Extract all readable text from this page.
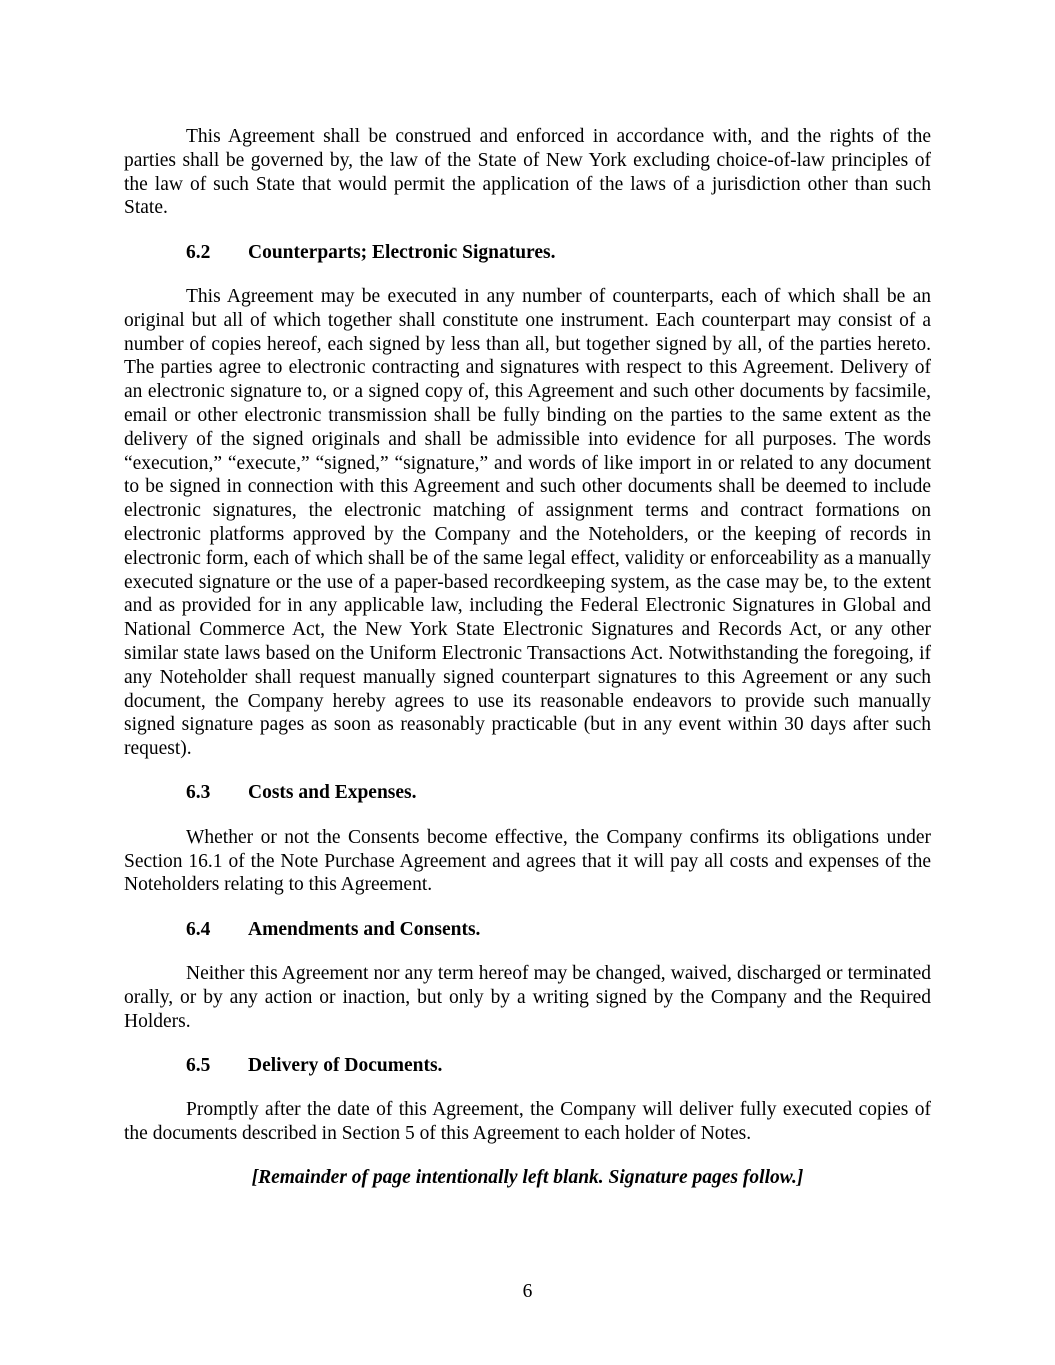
This Agreement shall be construed and enforced in accordance with, and the rights of the parties shall be governed by, the law of the State of New York excluding choice-of-law principles of the law of such State that would permit the application of the laws of a jurisdiction other than such State.

6.2	Counterparts; Electronic Signatures.

This Agreement may be executed in any number of counterparts, each of which shall be an original but all of which together shall constitute one instrument. Each counterpart may consist of a number of copies hereof, each signed by less than all, but together signed by all, of the parties hereto. The parties agree to electronic contracting and signatures with respect to this Agreement. Delivery of an electronic signature to, or a signed copy of, this Agreement and such other documents by facsimile, email or other electronic transmission shall be fully binding on the parties to the same extent as the delivery of the signed originals and shall be admissible into evidence for all purposes. The words “execution,” “execute,” “signed,” “signature,” and words of like import in or related to any document to be signed in connection with this Agreement and such other documents shall be deemed to include electronic signatures, the electronic matching of assignment terms and contract formations on electronic platforms approved by the Company and the Noteholders, or the keeping of records in electronic form, each of which shall be of the same legal effect, validity or enforceability as a manually executed signature or the use of a paper-based recordkeeping system, as the case may be, to the extent and as provided for in any applicable law, including the Federal Electronic Signatures in Global and National Commerce Act, the New York State Electronic Signatures and Records Act, or any other similar state laws based on the Uniform Electronic Transactions Act. Notwithstanding the foregoing, if any Noteholder shall request manually signed counterpart signatures to this Agreement or any such document, the Company hereby agrees to use its reasonable endeavors to provide such manually signed signature pages as soon as reasonably practicable (but in any event within 30 days after such request).

6.3	Costs and Expenses.

Whether or not the Consents become effective, the Company confirms its obligations under Section 16.1 of the Note Purchase Agreement and agrees that it will pay all costs and expenses of the Noteholders relating to this Agreement.

6.4	Amendments and Consents.

Neither this Agreement nor any term hereof may be changed, waived, discharged or terminated orally, or by any action or inaction, but only by a writing signed by the Company and the Required Holders.

6.5	Delivery of Documents.

Promptly after the date of this Agreement, the Company will deliver fully executed copies of the documents described in Section 5 of this Agreement to each holder of Notes.

[Remainder of page intentionally left blank. Signature pages follow.]

6
